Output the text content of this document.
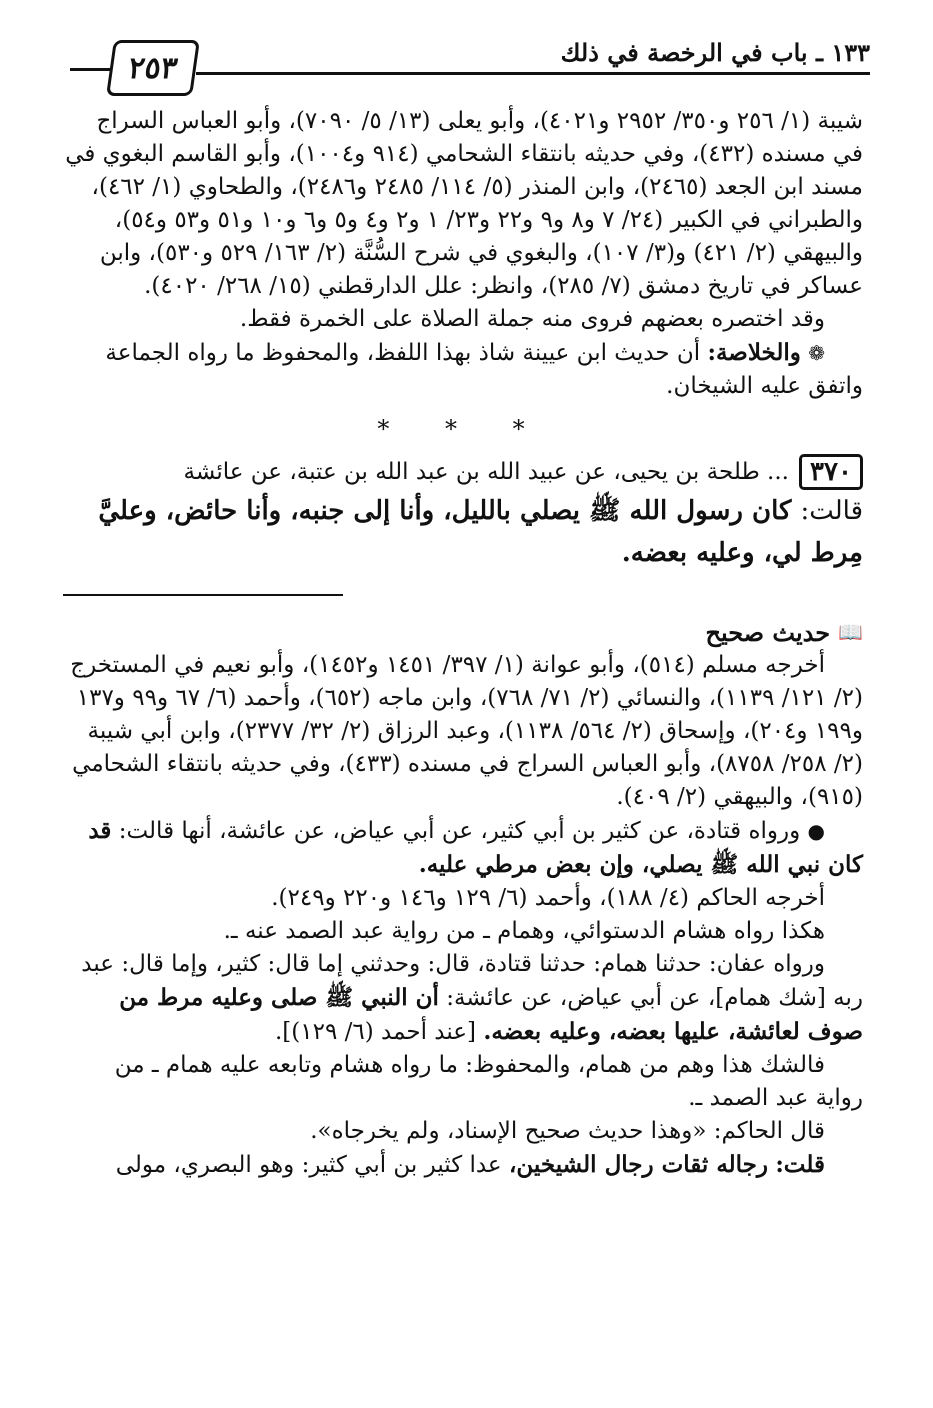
١٣٣ ـ باب في الرخصة في ذلك
٢٥٣

شيبة (١/ ٢٥٦ و٣٥٠/ ٢٩٥٢ و٤٠٢١)، وأبو يعلى (١٣/ ٥/ ٧٠٩٠)، وأبو العباس السراج في مسنده (٤٣٢)، وفي حديثه بانتقاء الشحامي (٩١٤ و١٠٠٤)، وأبو القاسم البغوي في مسند ابن الجعد (٢٤٦٥)، وابن المنذر (٥/ ١١٤/ ٢٤٨٥ و٢٤٨٦)، والطحاوي (١/ ٤٦٢)، والطبراني في الكبير (٢٤/ ٧ و٨ و٩ و٢٢ و٢٣/ ١ و٢ و٤ و٥ و٦ و١٠ و٥١ و٥٣ و٥٤)، والبيهقي (٢/ ٤٢١) و(٣/ ١٠٧)، والبغوي في شرح السُّنَّة (٢/ ١٦٣/ ٥٢٩ و٥٣٠)، وابن عساكر في تاريخ دمشق (٧/ ٢٨٥)، وانظر: علل الدارقطني (١٥/ ٢٦٨/ ٤٠٢٠).

وقد اختصره بعضهم فروى منه جملة الصلاة على الخمرة فقط.

❁ والخلاصة: أن حديث ابن عيينة شاذ بهذا اللفظ، والمحفوظ ما رواه الجماعة واتفق عليه الشيخان.

* * *
٣٧٠
... طلحة بن يحيى، عن عبيد الله بن عبد الله بن عتبة، عن عائشة

قالت: كان رسول الله ﷺ يصلي بالليل، وأنا إلى جنبه، وأنا حائض، وعليَّ مِرط لي، وعليه بعضه.

📖
حديث صحيح

أخرجه مسلم (٥١٤)، وأبو عوانة (١/ ٣٩٧/ ١٤٥١ و١٤٥٢)، وأبو نعيم في المستخرج (٢/ ١٢١/ ١١٣٩)، والنسائي (٢/ ٧١/ ٧٦٨)، وابن ماجه (٦٥٢)، وأحمد (٦/ ٦٧ و٩٩ و١٣٧ و١٩٩ و٢٠٤)، وإسحاق (٢/ ٥٦٤/ ١١٣٨)، وعبد الرزاق (٢/ ٣٢/ ٢٣٧٧)، وابن أبي شيبة (٢/ ٢٥٨/ ٨٧٥٨)، وأبو العباس السراج في مسنده (٤٣٣)، وفي حديثه بانتقاء الشحامي (٩١٥)، والبيهقي (٢/ ٤٠٩).

● ورواه قتادة، عن كثير بن أبي كثير، عن أبي عياض، عن عائشة، أنها قالت: قد كان نبي الله ﷺ يصلي، وإن بعض مرطي عليه.

أخرجه الحاكم (٤/ ١٨٨)، وأحمد (٦/ ١٢٩ و١٤٦ و٢٢٠ و٢٤٩).

هكذا رواه هشام الدستوائي، وهمام ـ من رواية عبد الصمد عنه ـ.

ورواه عفان: حدثنا همام: حدثنا قتادة، قال: وحدثني إما قال: كثير، وإما قال: عبد ربه [شك همام]، عن أبي عياض، عن عائشة: أن النبي ﷺ صلى وعليه مرط من صوف لعائشة، عليها بعضه، وعليه بعضه. [عند أحمد (٦/ ١٢٩)].

فالشك هذا وهم من همام، والمحفوظ: ما رواه هشام وتابعه عليه همام ـ من رواية عبد الصمد ـ.

قال الحاكم: «وهذا حديث صحيح الإسناد، ولم يخرجاه».

قلت: رجاله ثقات رجال الشيخين، عدا كثير بن أبي كثير: وهو البصري، مولى
